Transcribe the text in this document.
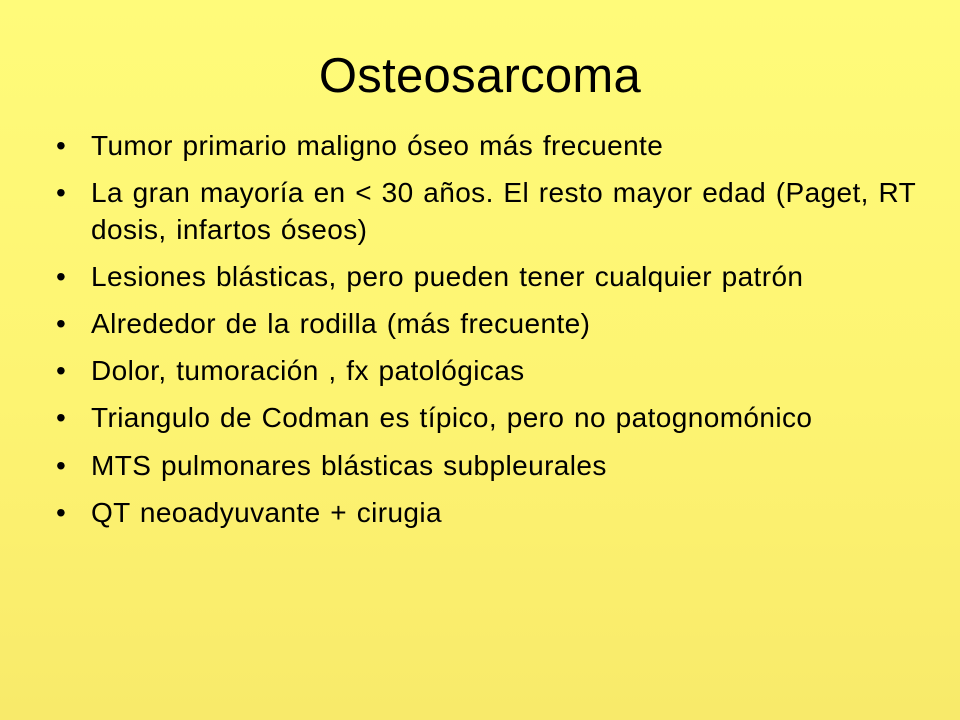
Osteosarcoma
• Tumor primario maligno óseo más frecuente
• La gran mayoría en < 30 años. El resto mayor edad (Paget, RT dosis, infartos óseos)
• Lesiones blásticas, pero pueden tener cualquier patrón
• Alrededor de la rodilla (más frecuente)
• Dolor, tumoración , fx patológicas
• Triangulo de Codman es típico, pero no patognomónico
• MTS pulmonares blásticas subpleurales
• QT neoadyuvante + cirugia
